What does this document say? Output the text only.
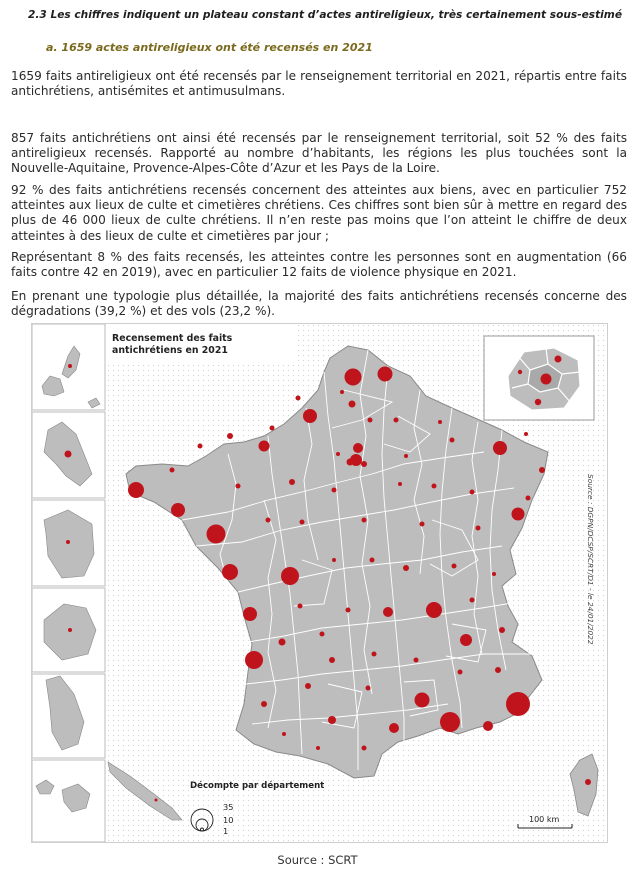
2.3 Les chiffres indiquent un plateau constant d’actes antireligieux, très certainement sous-estimé
a. 1659 actes antireligieux ont été recensés en 2021

1659 faits antireligieux ont été recensés par le renseignement territorial en 2021, répartis entre faits antichrétiens, antisémites et antimusulmans.

857 faits antichrétiens ont ainsi été recensés par le renseignement territorial, soit 52 % des faits antireligieux recensés. Rapporté au nombre d’habitants, les régions les plus touchées sont la Nouvelle-Aquitaine, Provence-Alpes-Côte d’Azur et les Pays de la Loire.

92 % des faits antichrétiens recensés concernent des atteintes aux biens, avec en particulier 752 atteintes aux lieux de culte et cimetières chrétiens. Ces chiffres sont bien sûr à mettre en regard des plus de 46 000 lieux de culte chrétiens. Il n’en reste pas moins que l’on atteint le chiffre de deux atteintes à des lieux de culte et cimetières par jour ;

Représentant 8 % des faits recensés, les atteintes contre les personnes sont en augmentation (66 faits contre 42 en 2019), avec en particulier 12 faits de violence physique en 2021.

En prenant une typologie plus détaillée, la majorité des faits antichrétiens recensés concerne des dégradations (39,2 %) et des vols (23,2 %).

Recensement des faits antichrétiens en 2021
Source : DGPN/DCSP/SCRT/D1 - le 24/01/2022
Décompte par département
35
10
1
100 km
Source : SCRT
